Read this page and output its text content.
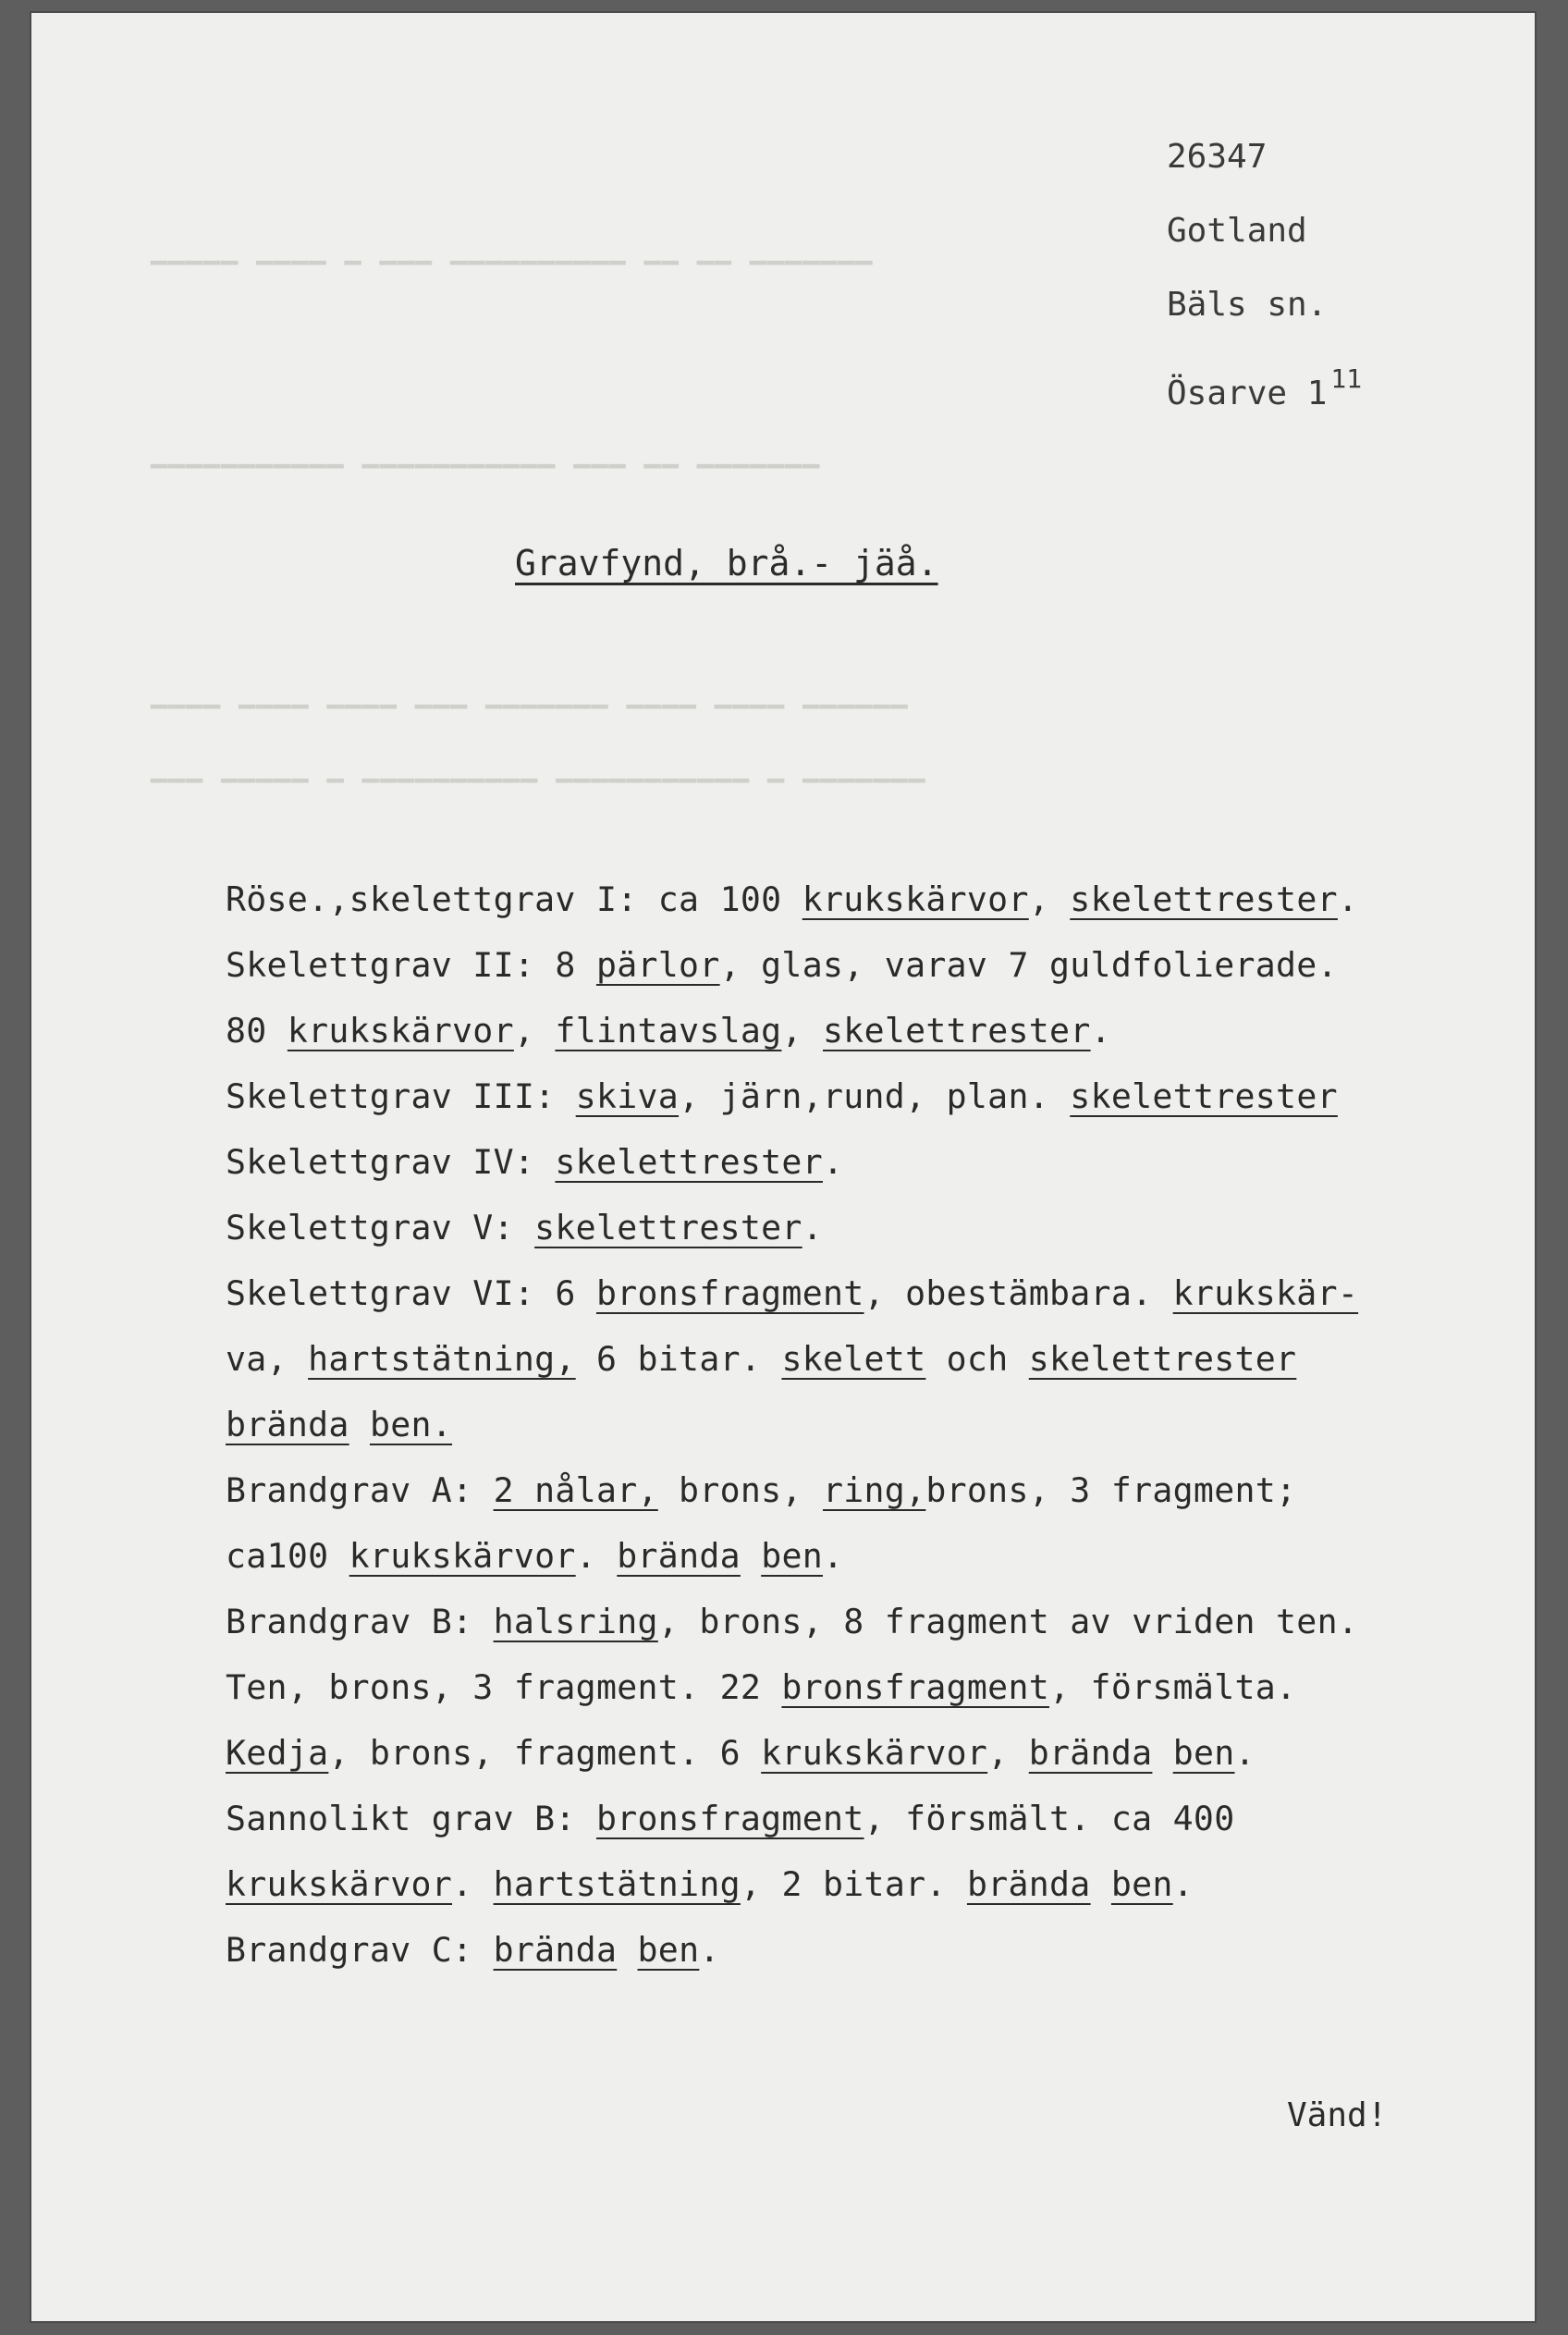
▁▁▁▁▁▁▁ ▁▁ ▁▁ ▁▁▁▁▁▁▁▁▁▁ ▁▁▁ ▁ ▁▁▁▁ ▁▁▁▁▁
▁▁▁▁▁▁▁ ▁▁ ▁▁▁ ▁▁▁▁▁▁▁▁▁▁▁ ▁▁▁▁▁▁▁▁▁▁▁
▁▁▁▁▁▁ ▁▁▁▁ ▁▁▁▁ ▁▁▁▁▁▁▁ ▁▁▁ ▁▁▁▁ ▁▁▁▁ ▁▁▁▁
▁▁▁▁▁▁▁ ▁ ▁▁▁▁▁▁▁▁▁▁▁ ▁▁▁▁▁▁▁▁▁▁ ▁ ▁▁▁▁▁ ▁▁▁
26347
Gotland
Bäls sn.
Ösarve 1 $^{11}$
Gravfynd, brå.- jäå.
Röse.,skelettgrav I: ca 100 krukskärvor, skelettrester.
Skelettgrav II: 8 pärlor, glas, varav 7 guldfolierade.
80 krukskärvor, flintavslag, skelettrester.
Skelettgrav III: skiva, järn,rund, plan. skelettrester
Skelettgrav IV: skelettrester.
Skelettgrav V: skelettrester.
Skelettgrav VI: 6 bronsfragment, obestämbara. krukskär-
va, hartstätning, 6 bitar. skelett och skelettrester
brända ben.
Brandgrav A: 2 nålar, brons, ring,brons, 3 fragment;
ca100 krukskärvor. brända ben.
Brandgrav B: halsring, brons, 8 fragment av vriden ten.
Ten, brons, 3 fragment. 22 bronsfragment, försmälta.
Kedja, brons, fragment. 6 krukskärvor, brända ben.
Sannolikt grav B: bronsfragment, försmält. ca 400
krukskärvor. hartstätning, 2 bitar. brända ben.
Brandgrav C: brända ben.
Vänd!
